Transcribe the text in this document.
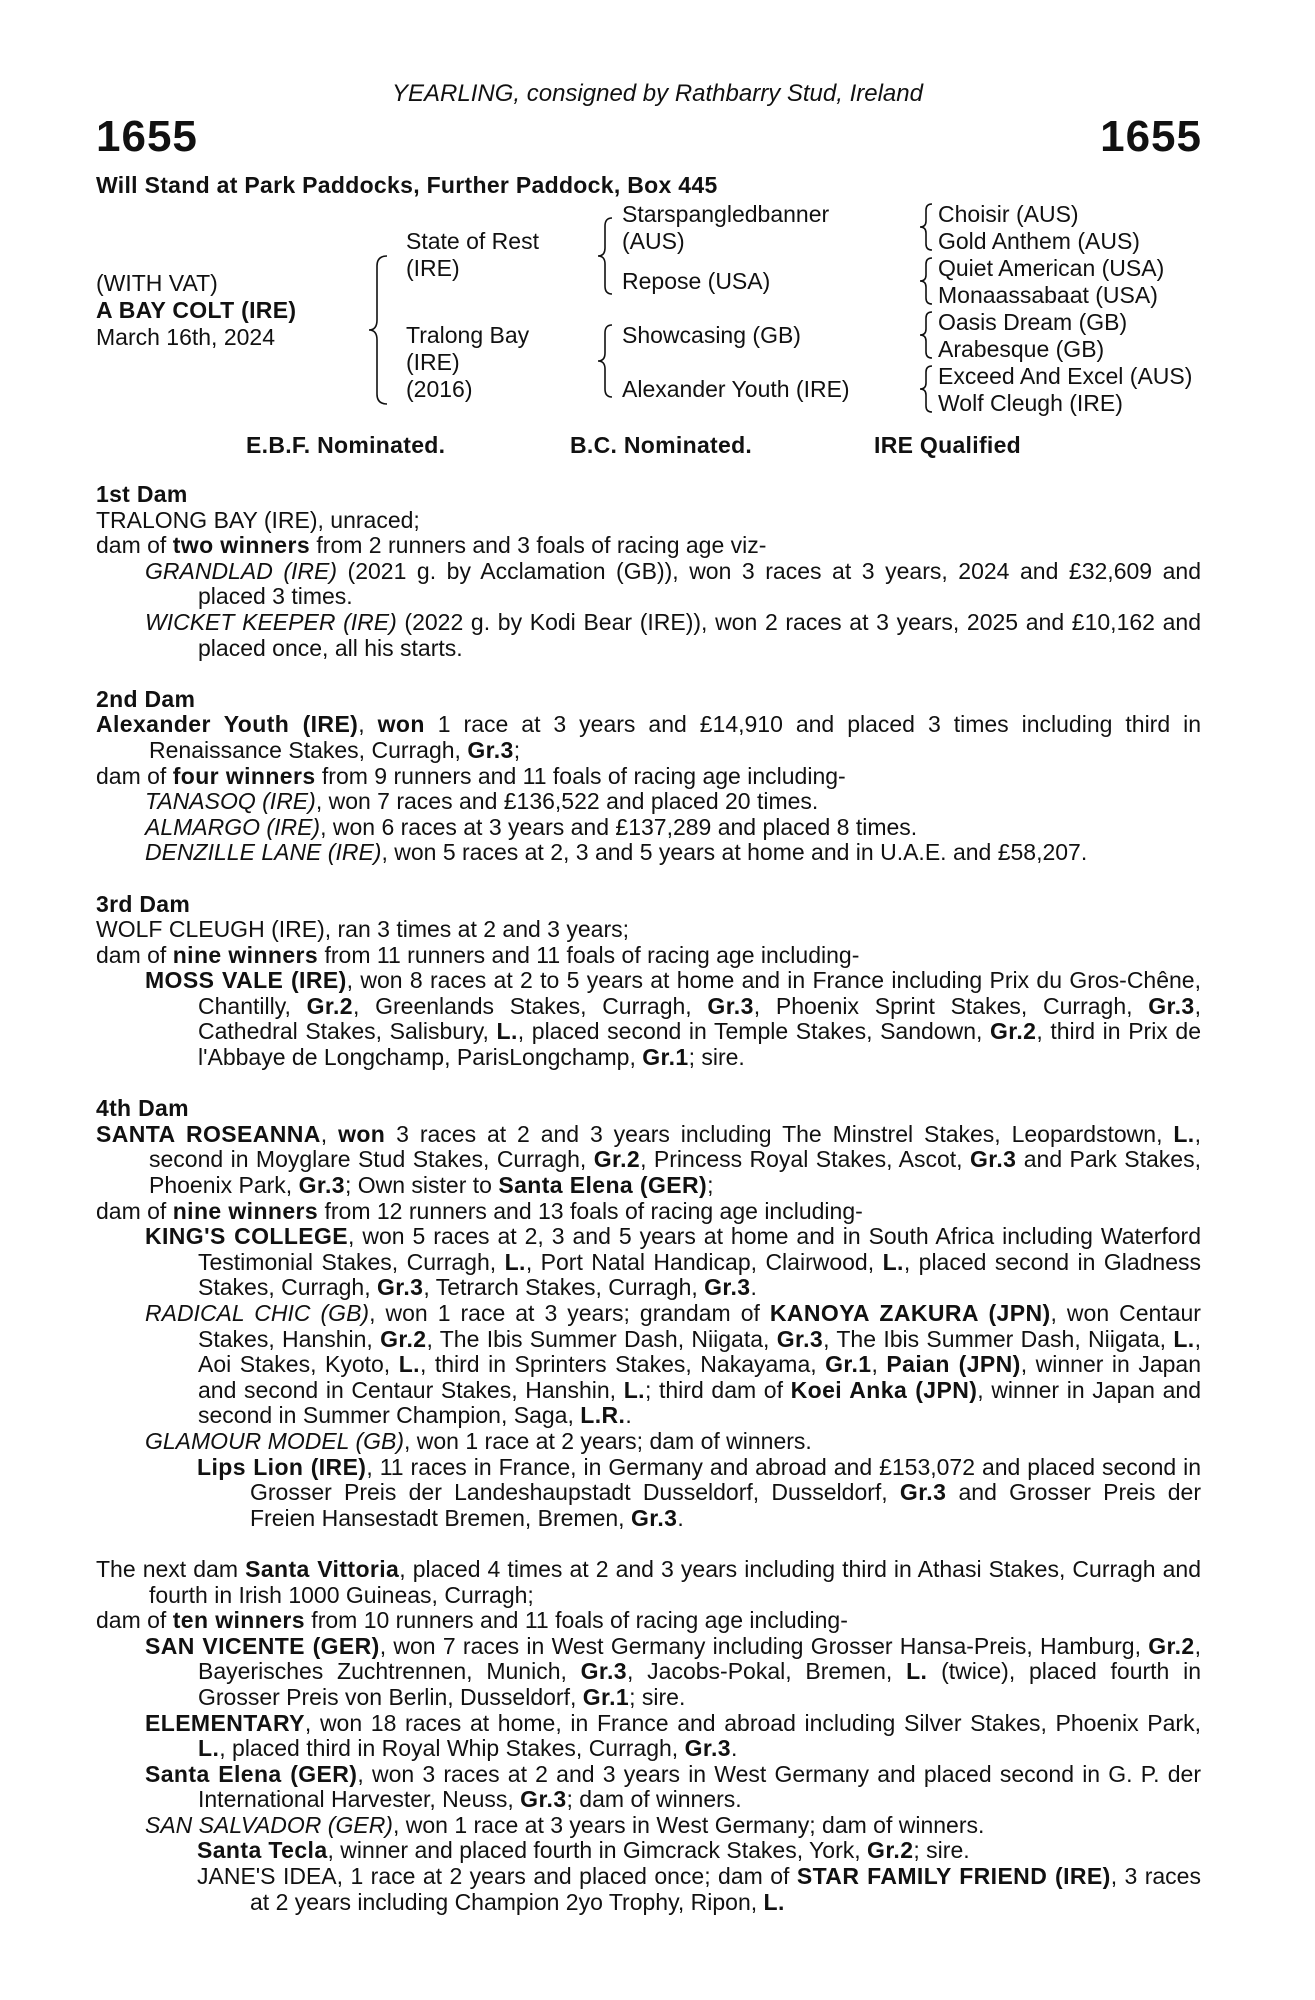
YEARLING, consigned by Rathbarry Stud, Ireland
1655	1655
Will Stand at Park Paddocks, Further Paddock, Box 445
(WITH VAT)
A BAY COLT (IRE)
March 16th, 2024
State of Rest
(IRE)
Tralong Bay
(IRE)
(2016)
Starspangledbanner
(AUS)
Repose (USA)
Showcasing (GB)
Alexander Youth (IRE)
Choisir (AUS)
Gold Anthem (AUS)
Quiet American (USA)
Monaassabaat (USA)
Oasis Dream (GB)
Arabesque (GB)
Exceed And Excel (AUS)
Wolf Cleugh (IRE)
E.B.F. Nominated.	B.C. Nominated.	IRE Qualified

1st Dam

TRALONG BAY (IRE), unraced;

dam of two winners from 2 runners and 3 foals of racing age viz-

GRANDLAD (IRE) (2021 g. by Acclamation (GB)), won 3 races at 3 years, 2024 and £32,609 and placed 3 times.

WICKET KEEPER (IRE) (2022 g. by Kodi Bear (IRE)), won 2 races at 3 years, 2025 and £10,162 and placed once, all his starts.

2nd Dam

Alexander Youth (IRE), won 1 race at 3 years and £14,910 and placed 3 times including third in Renaissance Stakes, Curragh, Gr.3;

dam of four winners from 9 runners and 11 foals of racing age including-

TANASOQ (IRE), won 7 races and £136,522 and placed 20 times.

ALMARGO (IRE), won 6 races at 3 years and £137,289 and placed 8 times.

DENZILLE LANE (IRE), won 5 races at 2, 3 and 5 years at home and in U.A.E. and £58,207.

3rd Dam

WOLF CLEUGH (IRE), ran 3 times at 2 and 3 years;

dam of nine winners from 11 runners and 11 foals of racing age including-

MOSS VALE (IRE), won 8 races at 2 to 5 years at home and in France including Prix du Gros-Chêne, Chantilly, Gr.2, Greenlands Stakes, Curragh, Gr.3, Phoenix Sprint Stakes, Curragh, Gr.3, Cathedral Stakes, Salisbury, L., placed second in Temple Stakes, Sandown, Gr.2, third in Prix de l'Abbaye de Longchamp, ParisLongchamp, Gr.1; sire.

4th Dam

SANTA ROSEANNA, won 3 races at 2 and 3 years including The Minstrel Stakes, Leopardstown, L., second in Moyglare Stud Stakes, Curragh, Gr.2, Princess Royal Stakes, Ascot, Gr.3 and Park Stakes, Phoenix Park, Gr.3; Own sister to Santa Elena (GER);

dam of nine winners from 12 runners and 13 foals of racing age including-

KING'S COLLEGE, won 5 races at 2, 3 and 5 years at home and in South Africa including Waterford Testimonial Stakes, Curragh, L., Port Natal Handicap, Clairwood, L., placed second in Gladness Stakes, Curragh, Gr.3, Tetrarch Stakes, Curragh, Gr.3.

RADICAL CHIC (GB), won 1 race at 3 years; grandam of KANOYA ZAKURA (JPN), won Centaur Stakes, Hanshin, Gr.2, The Ibis Summer Dash, Niigata, Gr.3, The Ibis Summer Dash, Niigata, L., Aoi Stakes, Kyoto, L., third in Sprinters Stakes, Nakayama, Gr.1, Paian (JPN), winner in Japan and second in Centaur Stakes, Hanshin, L.; third dam of Koei Anka (JPN), winner in Japan and second in Summer Champion, Saga, L.R..

GLAMOUR MODEL (GB), won 1 race at 2 years; dam of winners.

Lips Lion (IRE), 11 races in France, in Germany and abroad and £153,072 and placed second in Grosser Preis der Landeshaupstadt Dusseldorf, Dusseldorf, Gr.3 and Grosser Preis der Freien Hansestadt Bremen, Bremen, Gr.3.

The next dam Santa Vittoria, placed 4 times at 2 and 3 years including third in Athasi Stakes, Curragh and fourth in Irish 1000 Guineas, Curragh;

dam of ten winners from 10 runners and 11 foals of racing age including-

SAN VICENTE (GER), won 7 races in West Germany including Grosser Hansa-Preis, Hamburg, Gr.2, Bayerisches Zuchtrennen, Munich, Gr.3, Jacobs-Pokal, Bremen, L. (twice), placed fourth in Grosser Preis von Berlin, Dusseldorf, Gr.1; sire.

ELEMENTARY, won 18 races at home, in France and abroad including Silver Stakes, Phoenix Park, L., placed third in Royal Whip Stakes, Curragh, Gr.3.

Santa Elena (GER), won 3 races at 2 and 3 years in West Germany and placed second in G. P. der International Harvester, Neuss, Gr.3; dam of winners.

SAN SALVADOR (GER), won 1 race at 3 years in West Germany; dam of winners.

Santa Tecla, winner and placed fourth in Gimcrack Stakes, York, Gr.2; sire.

JANE'S IDEA, 1 race at 2 years and placed once; dam of STAR FAMILY FRIEND (IRE), 3 races at 2 years including Champion 2yo Trophy, Ripon, L.
